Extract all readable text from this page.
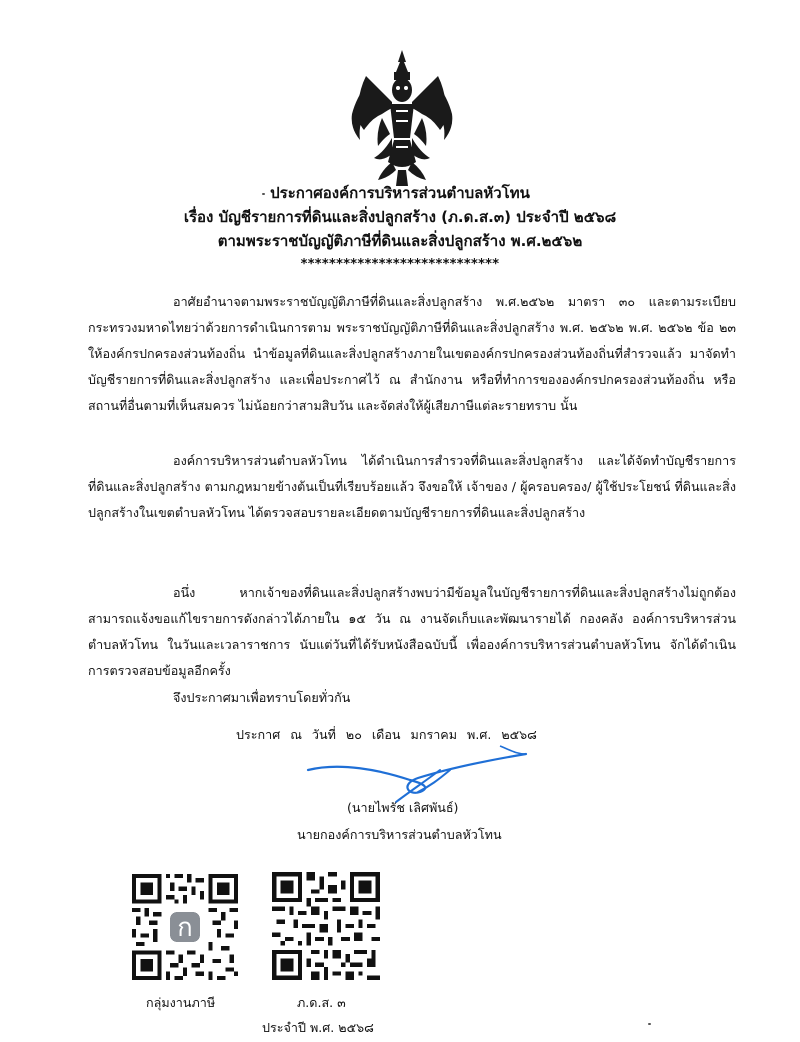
ประกาศองค์การบริหารส่วนตำบลหัวโทน
เรื่อง บัญชีรายการที่ดินและสิ่งปลูกสร้าง (ภ.ด.ส.๓) ประจำปี ๒๕๖๘
ตามพระราชบัญญัติภาษีที่ดินและสิ่งปลูกสร้าง พ.ศ.๒๕๖๒
****************************
อาศัยอำนาจตามพระราชบัญญัติภาษีที่ดินและสิ่งปลูกสร้าง พ.ศ.๒๕๖๒ มาตรา ๓๐ และตามระเบียบกระทรวงมหาดไทยว่าด้วยการดำเนินการตาม พระราชบัญญัติภาษีที่ดินและสิ่งปลูกสร้าง พ.ศ. ๒๕๖๒ พ.ศ. ๒๕๖๒ ข้อ ๒๓ ให้องค์กรปกครองส่วนท้องถิ่น นำข้อมูลที่ดินและสิ่งปลูกสร้างภายในเขตองค์กรปกครองส่วนท้องถิ่นที่สำรวจแล้ว มาจัดทำบัญชีรายการที่ดินและสิ่งปลูกสร้าง และเพื่อประกาศไว้ ณ สำนักงาน หรือที่ทำการขององค์กรปกครองส่วนท้องถิ่น หรือสถานที่อื่นตามที่เห็นสมควร ไม่น้อยกว่าสามสิบวัน และจัดส่งให้ผู้เสียภาษีแต่ละรายทราบ นั้น
องค์การบริหารส่วนตำบลหัวโทน ได้ดำเนินการสำรวจที่ดินและสิ่งปลูกสร้าง และได้จัดทำบัญชีรายการที่ดินและสิ่งปลูกสร้าง ตามกฎหมายข้างต้นเป็นที่เรียบร้อยแล้ว จึงขอให้ เจ้าของ / ผู้ครอบครอง/ ผู้ใช้ประโยชน์ ที่ดินและสิ่งปลูกสร้างในเขตตำบลหัวโทน ได้ตรวจสอบรายละเอียดตามบัญชีรายการที่ดินและสิ่งปลูกสร้าง
อนึ่ง หากเจ้าของที่ดินและสิ่งปลูกสร้างพบว่ามีข้อมูลในบัญชีรายการที่ดินและสิ่งปลูกสร้างไม่ถูกต้อง สามารถแจ้งขอแก้ไขรายการดังกล่าวได้ภายใน ๑๕ วัน ณ งานจัดเก็บและพัฒนารายได้ กองคลัง องค์การบริหารส่วนตำบลหัวโทน ในวันและเวลาราชการ นับแต่วันที่ได้รับหนังสือฉบับนี้ เพื่อองค์การบริหารส่วนตำบลหัวโทน จักได้ดำเนินการตรวจสอบข้อมูลอีกครั้ง
จึงประกาศมาเพื่อทราบโดยทั่วกัน
ประกาศ ณ วันที่ ๒๐ เดือน มกราคม พ.ศ. ๒๕๖๘
(นายไพรัช เลิศพันธ์)
นายกองค์การบริหารส่วนตำบลหัวโทน
ก
กลุ่มงานภาษี	ภ.ด.ส. ๓
ประจำปี พ.ศ. ๒๕๖๘
